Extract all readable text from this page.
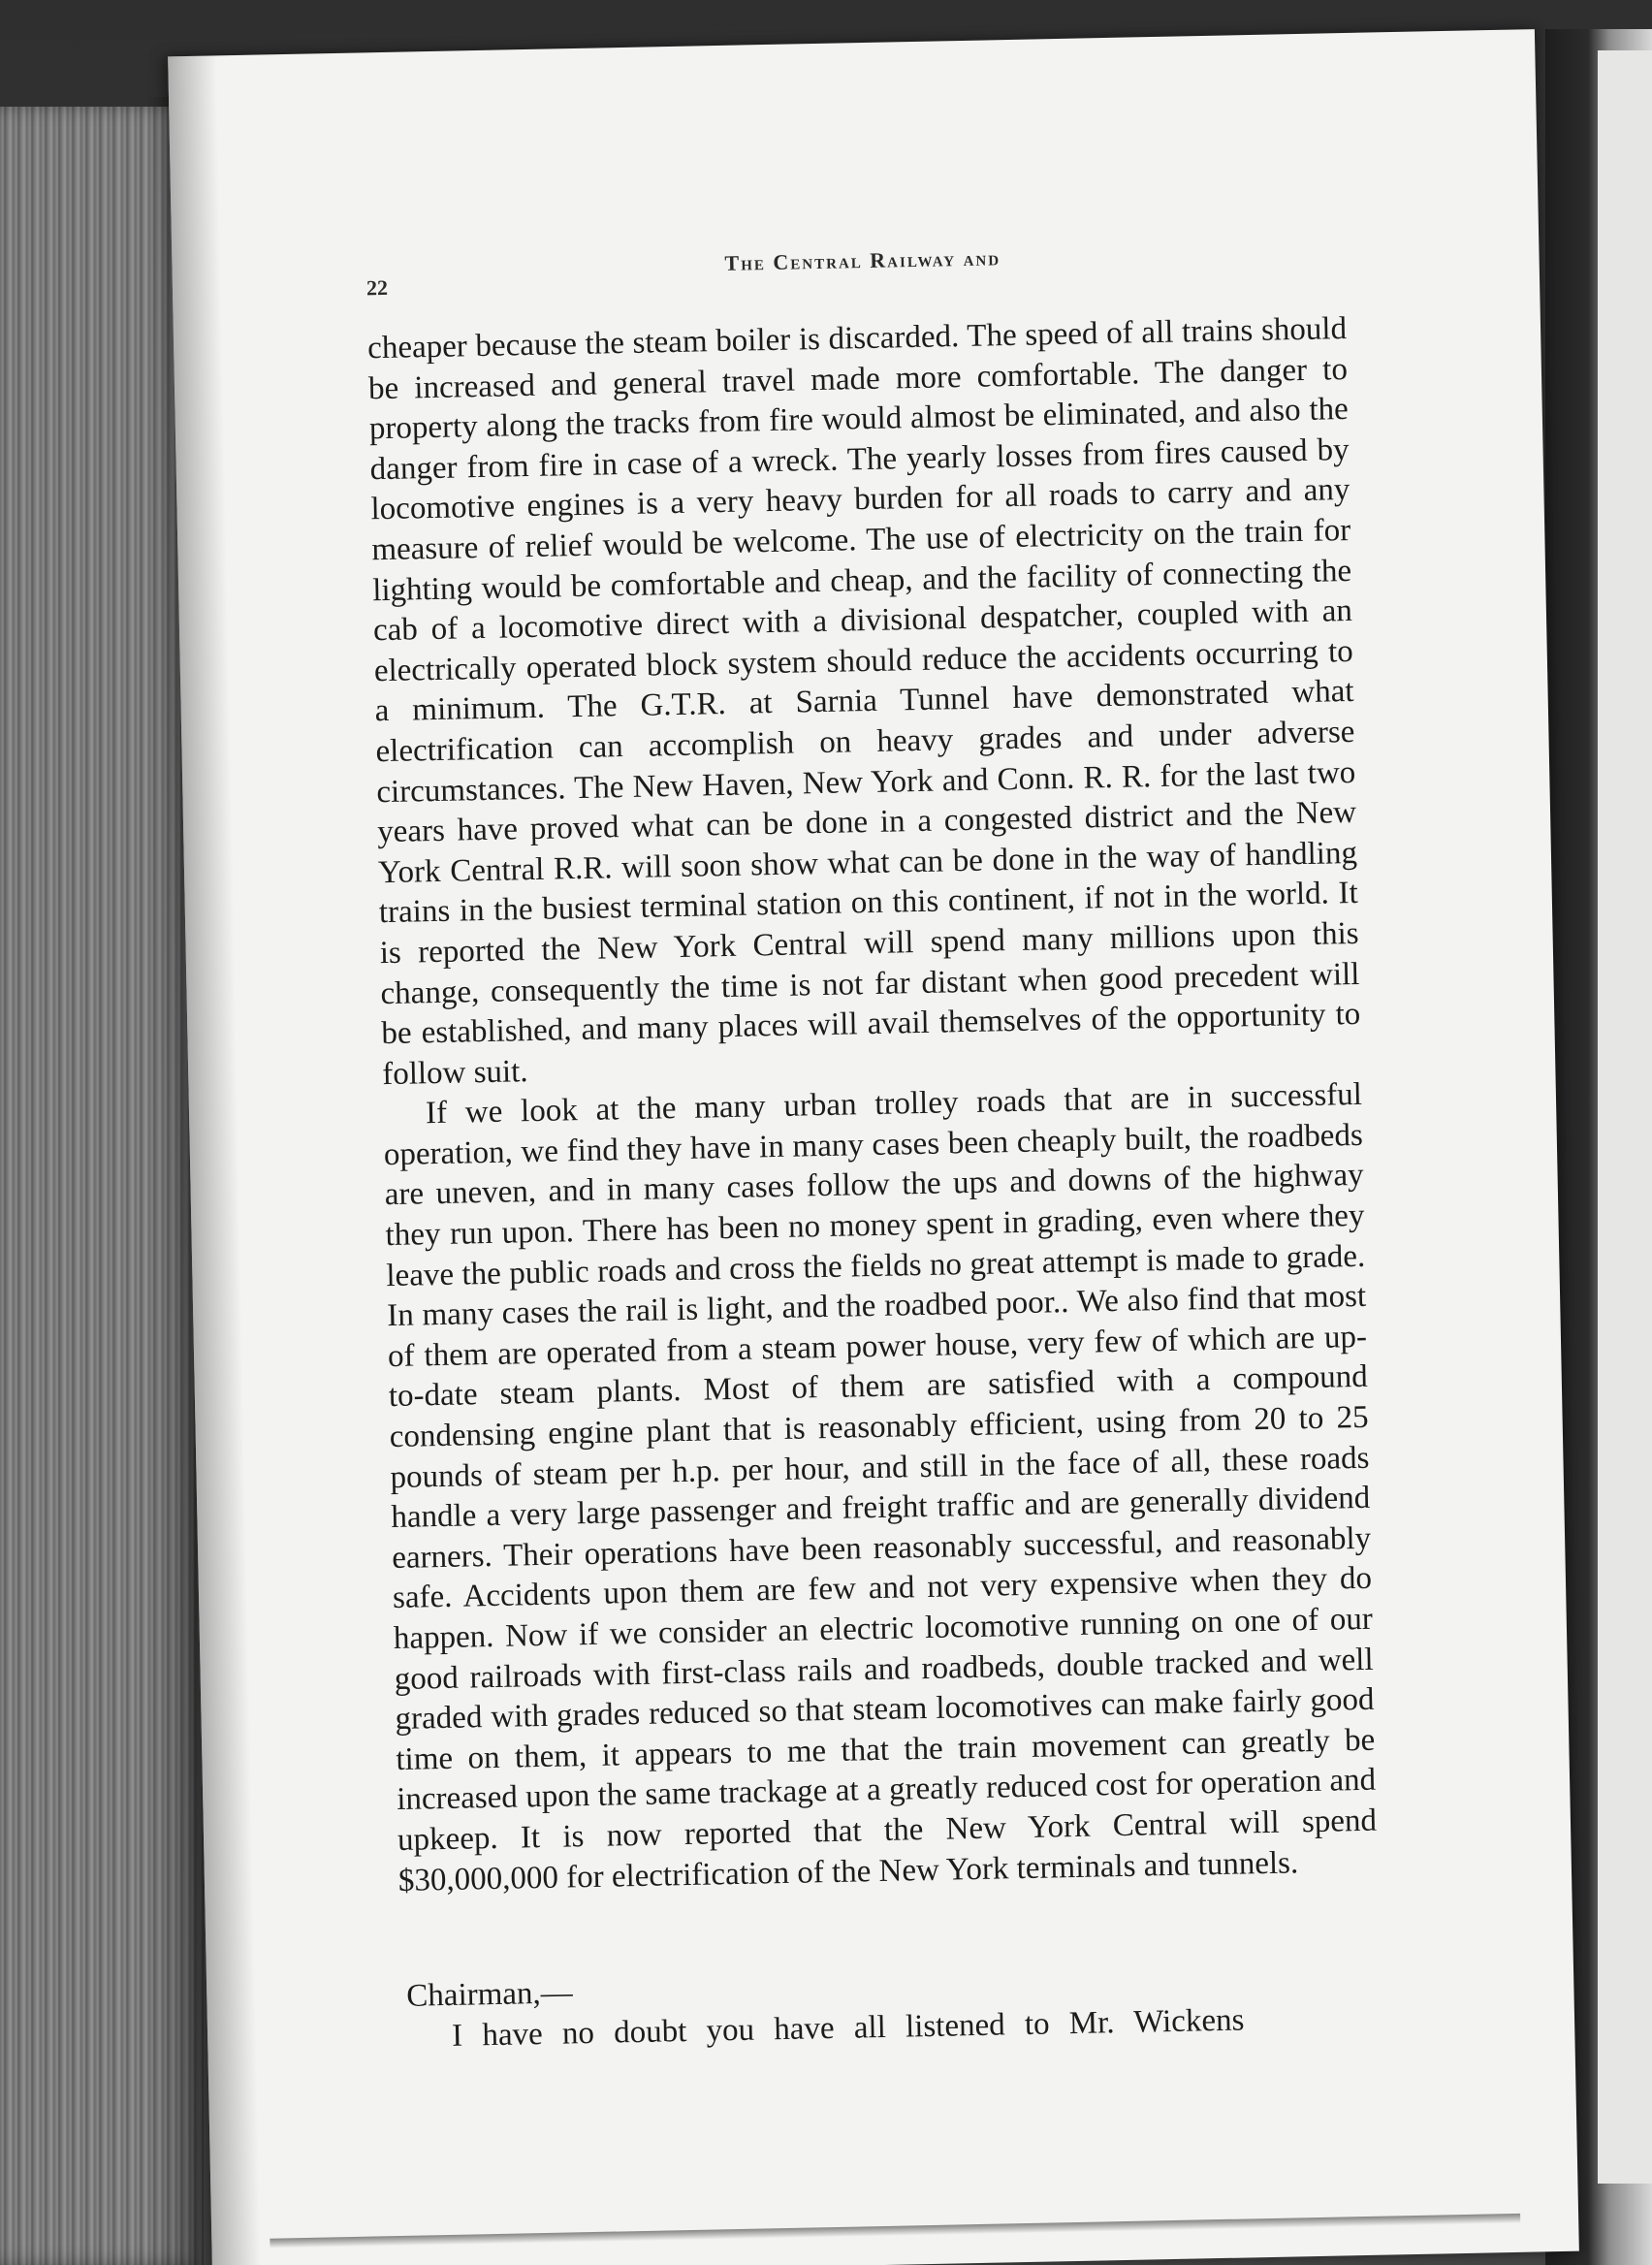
22
The Central Railway and

cheaper because the steam boiler is discarded. The speed of all trains should be increased and general travel made more comfortable. The danger to property along the tracks from fire would almost be eliminated, and also the danger from fire in case of a wreck. The yearly losses from fires caused by locomotive engines is a very heavy burden for all roads to carry and any measure of relief would be welcome. The use of electricity on the train for lighting would be comfortable and cheap, and the facility of connecting the cab of a locomotive direct with a divisional despatcher, coupled with an electrically operated block system should reduce the accidents occurring to a minimum. The G.T.R. at Sarnia Tunnel have demonstrated what electrification can accomplish on heavy grades and under adverse circumstances. The New Haven, New York and Conn. R. R. for the last two years have proved what can be done in a congested district and the New York Central R.R. will soon show what can be done in the way of handling trains in the busiest terminal station on this continent, if not in the world. It is reported the New York Central will spend many millions upon this change, consequently the time is not far distant when good precedent will be established, and many places will avail themselves of the opportunity to follow suit.

If we look at the many urban trolley roads that are in successful operation, we find they have in many cases been cheaply built, the roadbeds are uneven, and in many cases follow the ups and downs of the highway they run upon. There has been no money spent in grading, even where they leave the public roads and cross the fields no great attempt is made to grade. In many cases the rail is light, and the roadbed poor.. We also find that most of them are operated from a steam power house, very few of which are up-to-date steam plants. Most of them are satisfied with a compound condensing engine plant that is reasonably efficient, using from 20 to 25 pounds of steam per h.p. per hour, and still in the face of all, these roads handle a very large passenger and freight traffic and are generally dividend earners. Their operations have been reasonably successful, and reasonably safe. Accidents upon them are few and not very expensive when they do happen. Now if we consider an electric locomotive running on one of our good railroads with first-class rails and roadbeds, double tracked and well graded with grades reduced so that steam locomotives can make fairly good time on them, it appears to me that the train movement can greatly be increased upon the same trackage at a greatly reduced cost for operation and upkeep. It is now reported that the New York Central will spend $30,000,000 for electrification of the New York terminals and tunnels.

Chairman,—
I have no doubt you have all listened to Mr. Wickens
